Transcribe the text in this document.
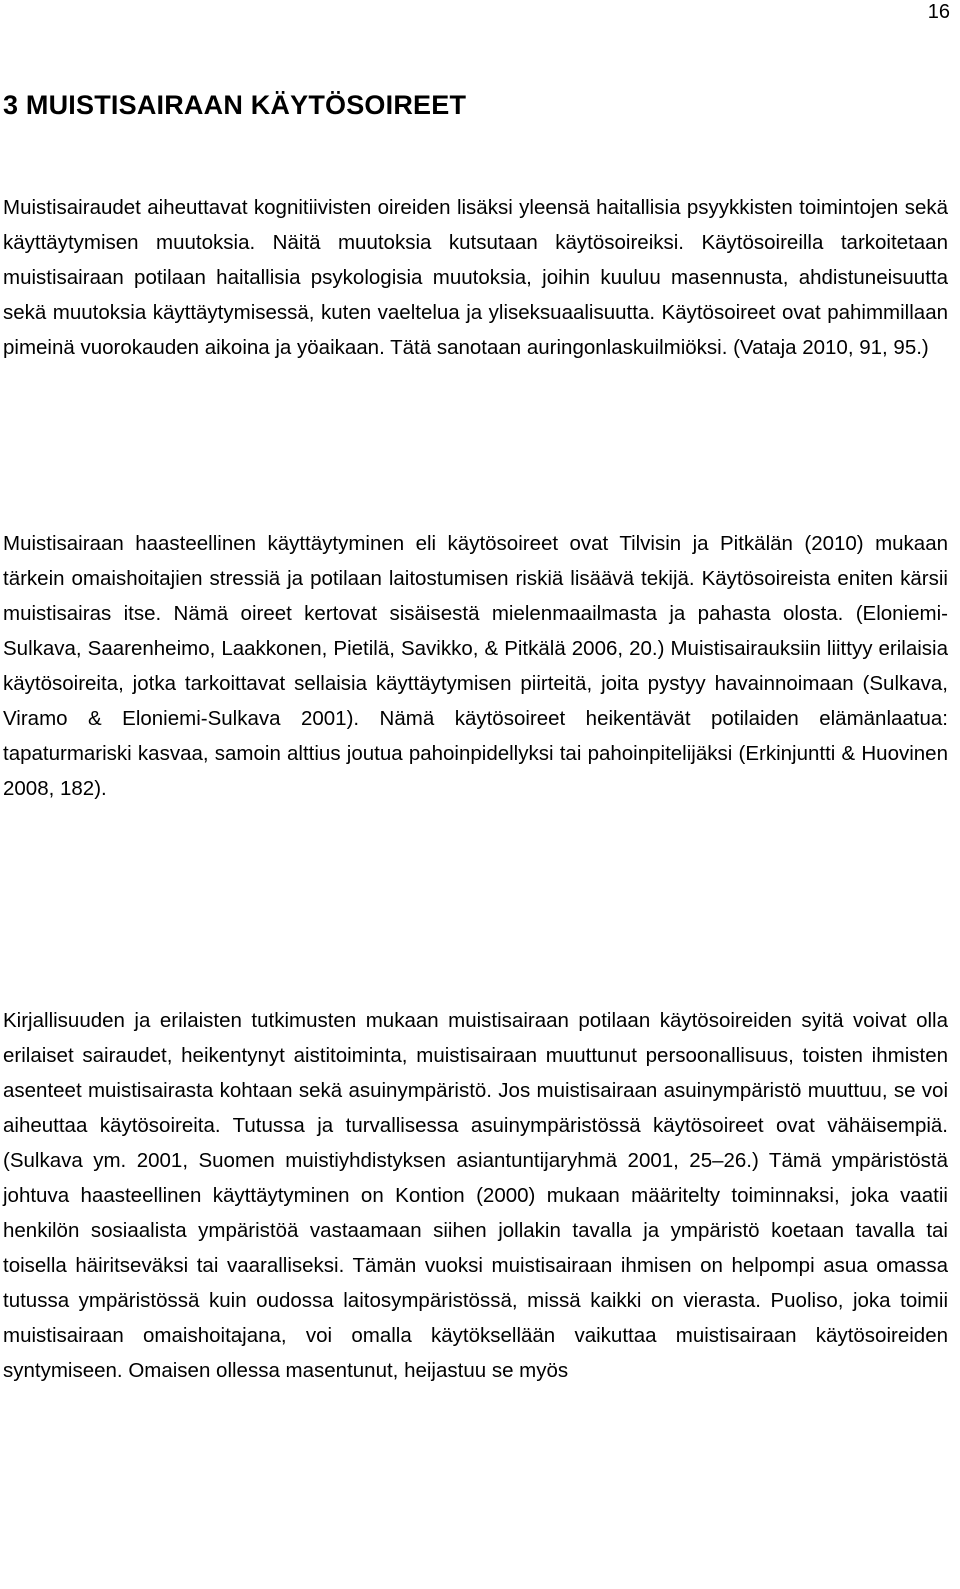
16
3 MUISTISAIRAAN KÄYTÖSOIREET

Muistisairaudet aiheuttavat kognitiivisten oireiden lisäksi yleensä haitallisia psyykkisten toimintojen sekä käyttäytymisen muutoksia. Näitä muutoksia kutsutaan käytösoireiksi. Käytösoireilla tarkoitetaan muistisairaan potilaan haitallisia psykologisia muutoksia, joihin kuuluu masennusta, ahdistuneisuutta sekä muutoksia käyttäytymisessä, kuten vaeltelua ja yliseksuaalisuutta. Käytösoireet ovat pahimmillaan pimeinä vuorokauden aikoina ja yöaikaan. Tätä sanotaan auringonlaskuilmiöksi. (Vataja 2010, 91, 95.)

Muistisairaan haasteellinen käyttäytyminen eli käytösoireet ovat Tilvisin ja Pitkälän (2010) mukaan tärkein omaishoitajien stressiä ja potilaan laitostumisen riskiä lisäävä tekijä. Käytösoireista eniten kärsii muistisairas itse. Nämä oireet kertovat sisäisestä mielenmaailmasta ja pahasta olosta. (Eloniemi-Sulkava, Saarenheimo, Laakkonen, Pietilä, Savikko, & Pitkälä 2006, 20.) Muistisairauksiin liittyy erilaisia käytösoireita, jotka tarkoittavat sellaisia käyttäytymisen piirteitä, joita pystyy havainnoimaan (Sulkava, Viramo & Eloniemi-Sulkava 2001). Nämä käytösoireet heikentävät potilaiden elämänlaatua: tapaturmariski kasvaa, samoin alttius joutua pahoinpidellyksi tai pahoinpitelijäksi (Erkinjuntti & Huovinen 2008, 182).

Kirjallisuuden ja erilaisten tutkimusten mukaan muistisairaan potilaan käytösoireiden syitä voivat olla erilaiset sairaudet, heikentynyt aistitoiminta, muistisairaan muuttunut persoonallisuus, toisten ihmisten asenteet muistisairasta kohtaan sekä asuinympäristö. Jos muistisairaan asuinympäristö muuttuu, se voi aiheuttaa käytösoireita. Tutussa ja turvallisessa asuinympäristössä käytösoireet ovat vähäisempiä. (Sulkava ym. 2001, Suomen muistiyhdistyksen asiantuntijaryhmä 2001, 25–26.) Tämä ympäristöstä johtuva haasteellinen käyttäytyminen on Kontion (2000) mukaan määritelty toiminnaksi, joka vaatii henkilön sosiaalista ympäristöä vastaamaan siihen jollakin tavalla ja ympäristö koetaan tavalla tai toisella häiritseväksi tai vaaralliseksi. Tämän vuoksi muistisairaan ihmisen on helpompi asua omassa tutussa ympäristössä kuin oudossa laitosympäristössä, missä kaikki on vierasta. Puoliso, joka toimii muistisairaan omaishoitajana, voi omalla käytöksellään vaikuttaa muistisairaan käytösoireiden syntymiseen. Omaisen ollessa masentunut, heijastuu se myös
